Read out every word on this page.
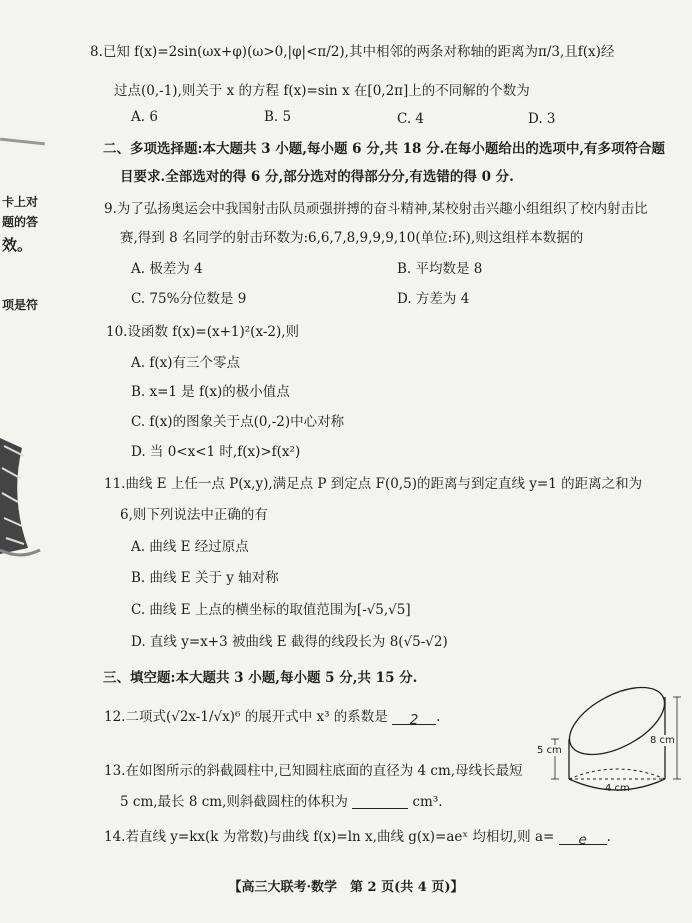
卡上对
题的答
效。
项是符
8.已知 f(x)=2sin(ωx+φ)(ω>0,|φ|<π/2),其中相邻的两条对称轴的距离为π/3,且f(x)经
过点(0,-1),则关于 x 的方程 f(x)=sin x 在[0,2π]上的不同解的个数为
A. 6	B. 5	C. 4	D. 3
二、多项选择题:本大题共 3 小题,每小题 6 分,共 18 分.在每小题给出的选项中,有多项符合题
目要求.全部选对的得 6 分,部分选对的得部分分,有选错的得 0 分.
9.为了弘扬奥运会中我国射击队员顽强拼搏的奋斗精神,某校射击兴趣小组组织了校内射击比
赛,得到 8 名同学的射击环数为:6,6,7,8,9,9,9,10(单位:环),则这组样本数据的
A. 极差为 4	B. 平均数是 8
C. 75%分位数是 9	D. 方差为 4
10.设函数 f(x)=(x+1)²(x-2),则
A. f(x)有三个零点
B. x=1 是 f(x)的极小值点
C. f(x)的图象关于点(0,-2)中心对称
D. 当 0<x<1 时,f(x)>f(x²)
11.曲线 E 上任一点 P(x,y),满足点 P 到定点 F(0,5)的距离与到定直线 y=1 的距离之和为
6,则下列说法中正确的有
A. 曲线 E 经过原点
B. 曲线 E 关于 y 轴对称
C. 曲线 E 上点的横坐标的取值范围为[-√5,√5]
D. 直线 y=x+3 被曲线 E 截得的线段长为 8(√5-√2)
三、填空题:本大题共 3 小题,每小题 5 分,共 15 分.
12.二项式(√2x-1/√x)⁶ 的展开式中 x³ 的系数是 2 .
13.在如图所示的斜截圆柱中,已知圆柱底面的直径为 4 cm,母线长最短
5 cm,最长 8 cm,则斜截圆柱的体积为	cm³.
14.若直线 y=kx(k 为常数)与曲线 f(x)=ln x,曲线 g(x)=aeˣ 均相切,则 a= e .
5 cm
8 cm
4 cm
【高三大联考·数学　第 2 页(共 4 页)】
